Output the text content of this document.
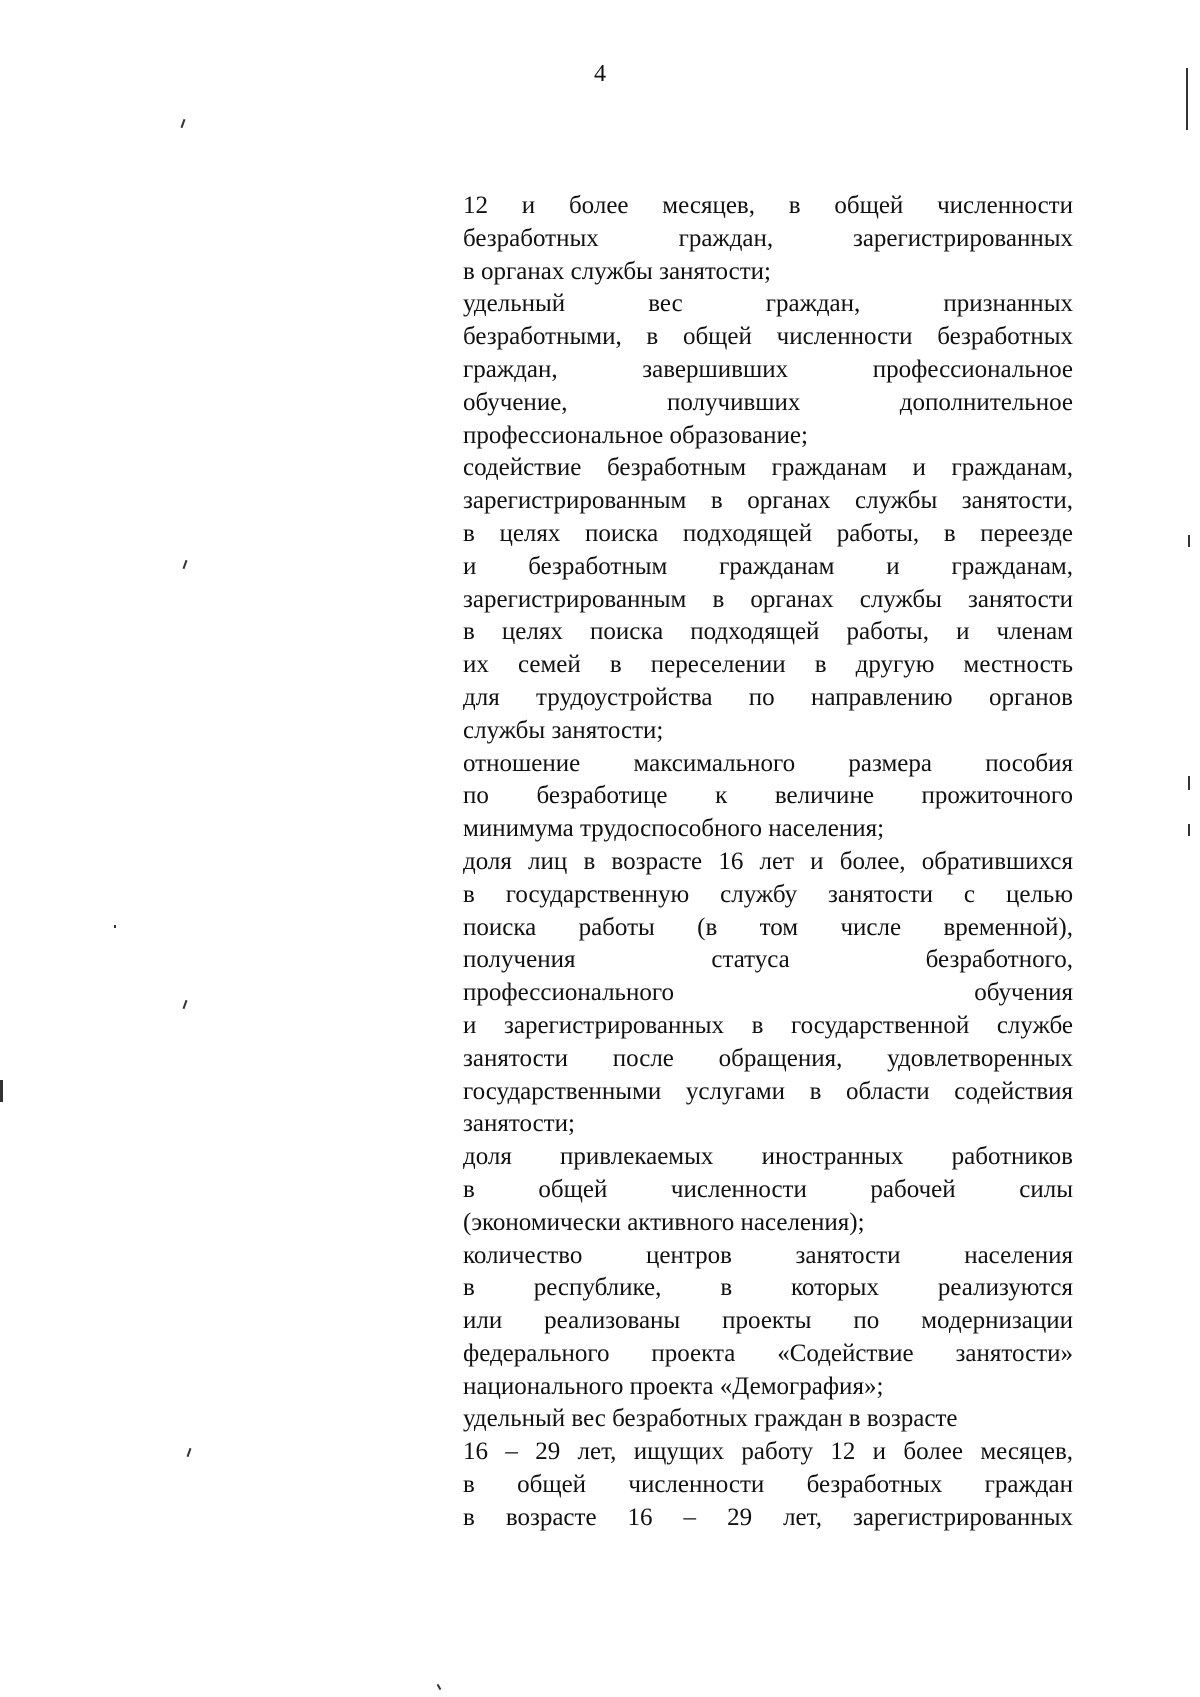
4

12 и более месяцев, в общей численности
безработных граждан, зарегистрированных
в органах службы занятости;

удельный вес граждан, признанных
безработными, в общей численности безработных
граждан, завершивших профессиональное
обучение, получивших дополнительное
профессиональное образование;

содействие безработным гражданам и гражданам,
зарегистрированным в органах службы занятости,
в целях поиска подходящей работы, в переезде
и безработным гражданам и гражданам,
зарегистрированным в органах службы занятости
в целях поиска подходящей работы, и членам
их семей в переселении в другую местность
для трудоустройства по направлению органов
службы занятости;

отношение максимального размера пособия
по безработице к величине прожиточного
минимума трудоспособного населения;

доля лиц в возрасте 16 лет и более, обратившихся
в государственную службу занятости с целью
поиска работы (в том числе временной),
получения статуса безработного,
профессионального обучения
и зарегистрированных в государственной службе
занятости после обращения, удовлетворенных
государственными услугами в области содействия
занятости;

доля привлекаемых иностранных работников
в общей численности рабочей силы
(экономически активного населения);

количество центров занятости населения
в республике, в которых реализуются
или реализованы проекты по модернизации
федерального проекта «Содействие занятости»
национального проекта «Демография»;

удельный вес безработных граждан в возрасте
16 – 29 лет, ищущих работу 12 и более месяцев,
в общей численности безработных граждан
в возрасте 16 – 29 лет, зарегистрированных
